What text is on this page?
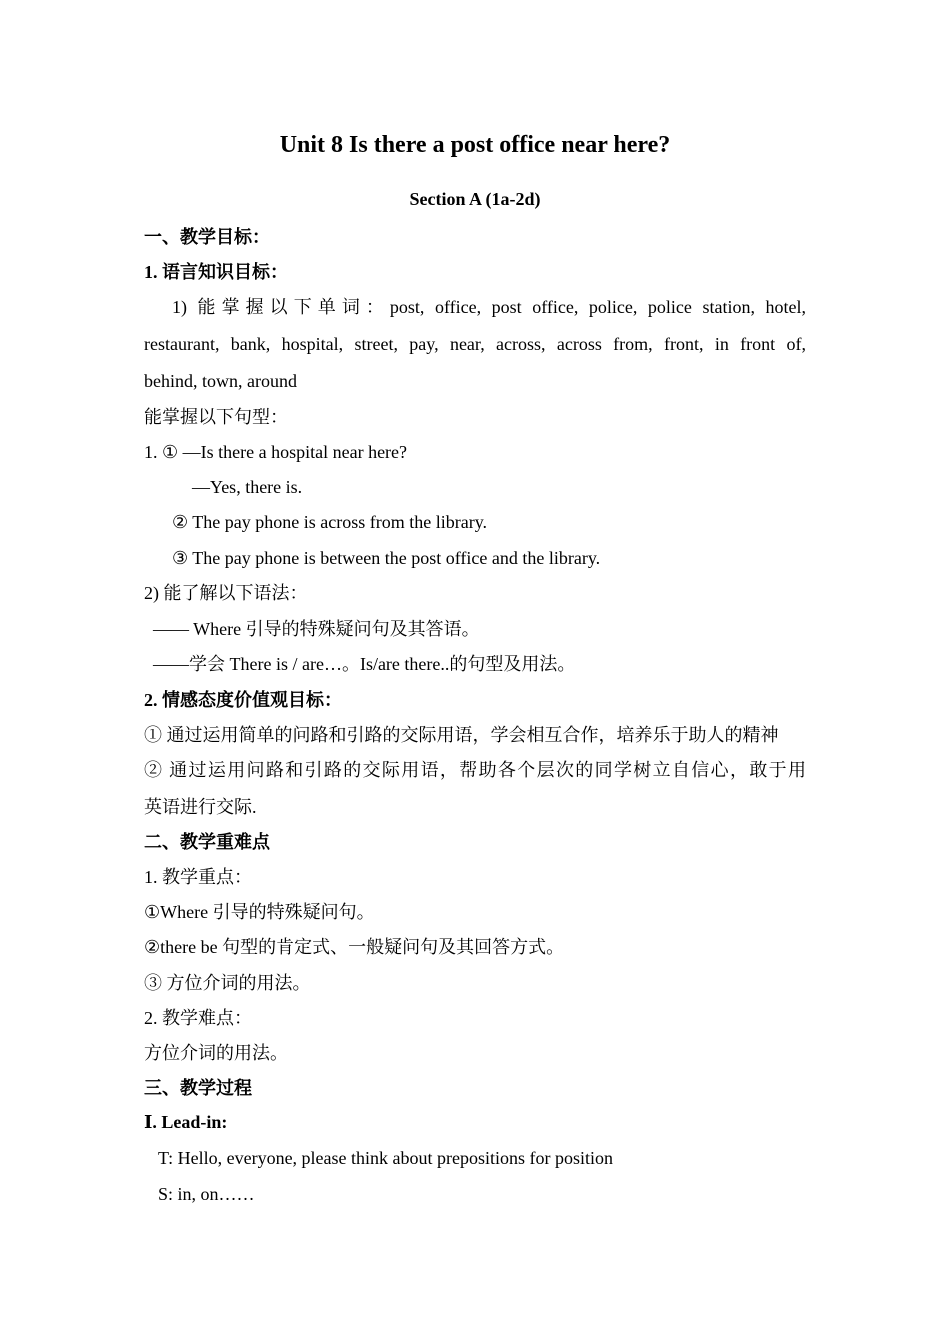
Unit 8 Is there a post office near here?
Section A (1a-2d)
一、教学目标：
1. 语言知识目标：
1) 能掌握以下单词：post, office, post office, police, police station, hotel,
restaurant, bank, hospital, street, pay, near, across, across from, front, in front of,
behind, town, around
能掌握以下句型：
1. ① —Is there a hospital near here?
—Yes, there is.
② The pay phone is across from the library.
③ The pay phone is between the post office and the library.
2) 能了解以下语法：
—— Where 引导的特殊疑问句及其答语。
——学会 There is / are…。Is/are there..的句型及用法。
2. 情感态度价值观目标：
① 通过运用简单的问路和引路的交际用语，学会相互合作，培养乐于助人的精神
② 通过运用问路和引路的交际用语，帮助各个层次的同学树立自信心，敢于用
英语进行交际.
二、教学重难点
1. 教学重点：
①Where 引导的特殊疑问句。
②there be 句型的肯定式、一般疑问句及其回答方式。
③ 方位介词的用法。
2. 教学难点：
方位介词的用法。
三、教学过程
Ⅰ. Lead-in:
T: Hello, everyone, please think about prepositions for position
S: in, on……
